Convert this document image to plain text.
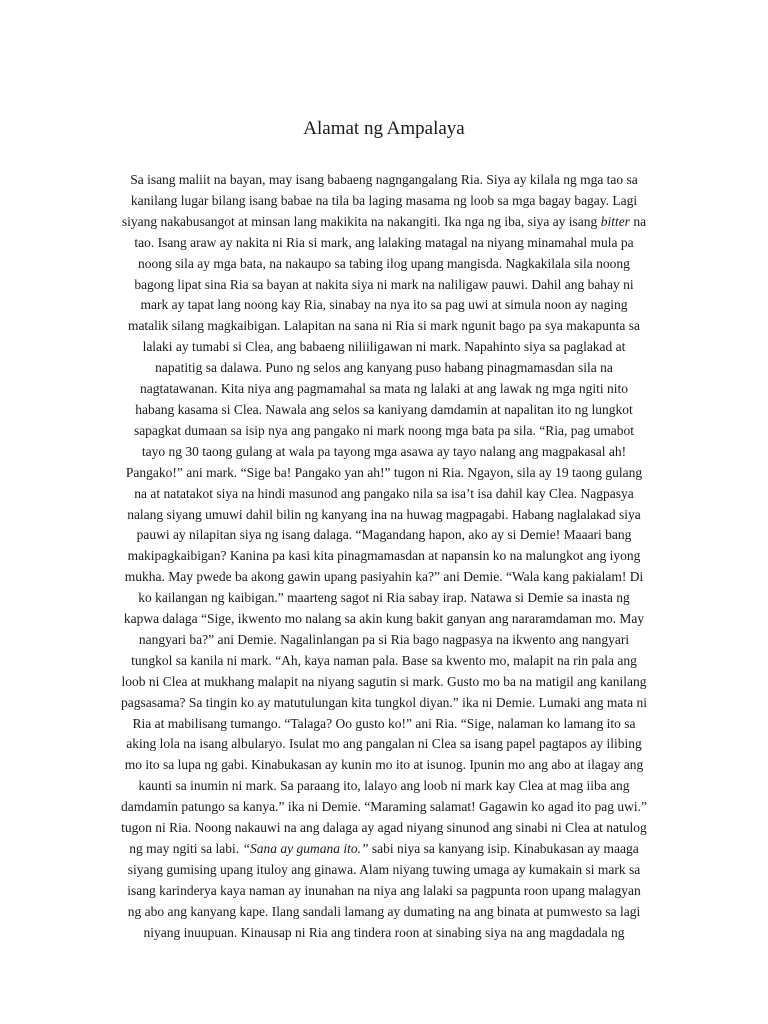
Alamat ng Ampalaya
Sa isang maliit na bayan, may isang babaeng nagngangalang Ria. Siya ay kilala ng mga tao sa
kanilang lugar bilang isang babae na tila ba laging masama ng loob sa mga bagay bagay. Lagi
siyang nakabusangot at minsan lang makikita na nakangiti. Ika nga ng iba, siya ay isang bitter na
tao. Isang araw ay nakita ni Ria si mark, ang lalaking matagal na niyang minamahal mula pa
noong sila ay mga bata, na nakaupo sa tabing ilog upang mangisda. Nagkakilala sila noong
bagong lipat sina Ria sa bayan at nakita siya ni mark na naliligaw pauwi. Dahil ang bahay ni
mark ay tapat lang noong kay Ria, sinabay na nya ito sa pag uwi at simula noon ay naging
matalik silang magkaibigan. Lalapitan na sana ni Ria si mark ngunit bago pa sya makapunta sa
lalaki ay tumabi si Clea, ang babaeng niliiligawan ni mark. Napahinto siya sa paglakad at
napatitig sa dalawa. Puno ng selos ang kanyang puso habang pinagmamasdan sila na
nagtatawanan. Kita niya ang pagmamahal sa mata ng lalaki at ang lawak ng mga ngiti nito
habang kasama si Clea. Nawala ang selos sa kaniyang damdamin at napalitan ito ng lungkot
sapagkat dumaan sa isip nya ang pangako ni mark noong mga bata pa sila. “Ria, pag umabot
tayo ng 30 taong gulang at wala pa tayong mga asawa ay tayo nalang ang magpakasal ah!
Pangako!” ani mark. “Sige ba! Pangako yan ah!” tugon ni Ria. Ngayon, sila ay 19 taong gulang
na at natatakot siya na hindi masunod ang pangako nila sa isa’t isa dahil kay Clea. Nagpasya
nalang siyang umuwi dahil bilin ng kanyang ina na huwag magpagabi. Habang naglalakad siya
pauwi ay nilapitan siya ng isang dalaga. “Magandang hapon, ako ay si Demie! Maaari bang
makipagkaibigan? Kanina pa kasi kita pinagmamasdan at napansin ko na malungkot ang iyong
mukha. May pwede ba akong gawin upang pasiyahin ka?” ani Demie. “Wala kang pakialam! Di
ko kailangan ng kaibigan.” maarteng sagot ni Ria sabay irap. Natawa si Demie sa inasta ng
kapwa dalaga “Sige, ikwento mo nalang sa akin kung bakit ganyan ang nararamdaman mo. May
nangyari ba?” ani Demie. Nagalinlangan pa si Ria bago nagpasya na ikwento ang nangyari
tungkol sa kanila ni mark. “Ah, kaya naman pala. Base sa kwento mo, malapit na rin pala ang
loob ni Clea at mukhang malapit na niyang sagutin si mark. Gusto mo ba na matigil ang kanilang
pagsasama? Sa tingin ko ay matutulungan kita tungkol diyan.” ika ni Demie. Lumaki ang mata ni
Ria at mabilisang tumango. “Talaga? Oo gusto ko!” ani Ria. “Sige, nalaman ko lamang ito sa
aking lola na isang albularyo. Isulat mo ang pangalan ni Clea sa isang papel pagtapos ay ilibing
mo ito sa lupa ng gabi. Kinabukasan ay kunin mo ito at isunog. Ipunin mo ang abo at ilagay ang
kaunti sa inumin ni mark. Sa paraang ito, lalayo ang loob ni mark kay Clea at mag iiba ang
damdamin patungo sa kanya.” ika ni Demie. “Maraming salamat! Gagawin ko agad ito pag uwi.”
tugon ni Ria. Noong nakauwi na ang dalaga ay agad niyang sinunod ang sinabi ni Clea at natulog
ng may ngiti sa labi. “Sana ay gumana ito.” sabi niya sa kanyang isip. Kinabukasan ay maaga
siyang gumising upang ituloy ang ginawa. Alam niyang tuwing umaga ay kumakain si mark sa
isang karinderya kaya naman ay inunahan na niya ang lalaki sa pagpunta roon upang malagyan
ng abo ang kanyang kape. Ilang sandali lamang ay dumating na ang binata at pumwesto sa lagi
niyang inuupuan. Kinausap ni Ria ang tindera roon at sinabing siya na ang magdadala ng
